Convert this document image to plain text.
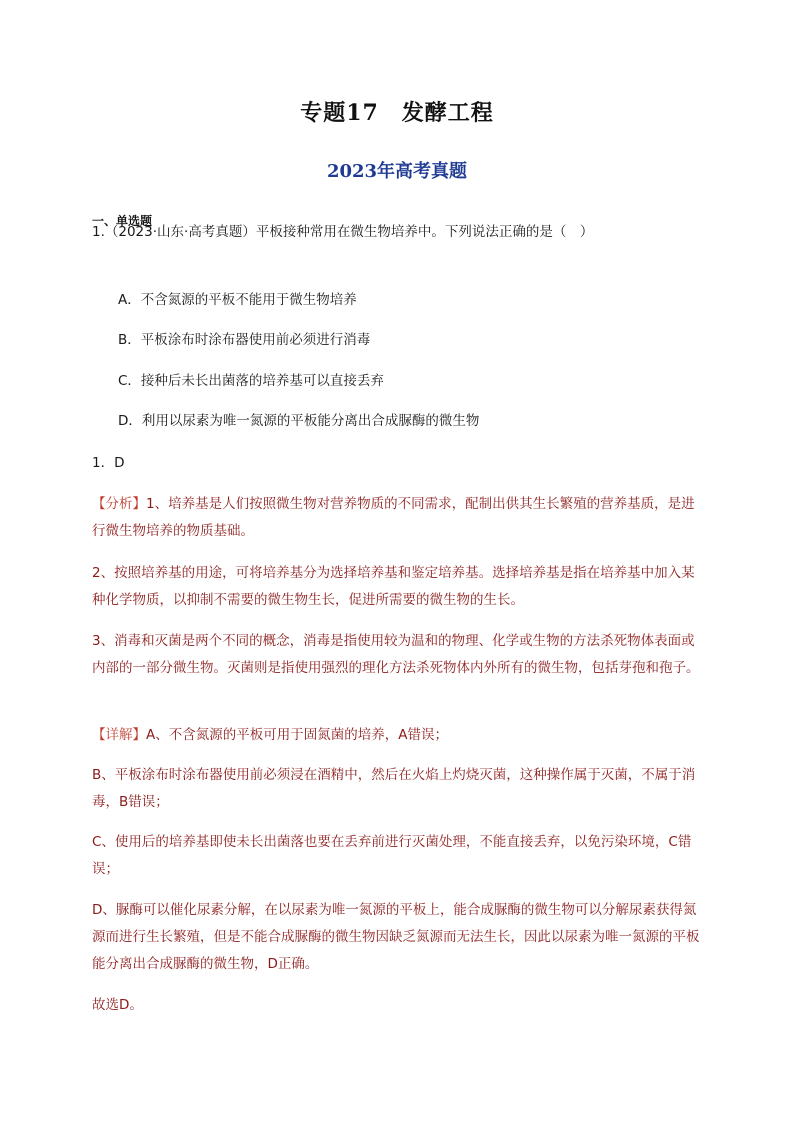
专题17　发酵工程
2023年高考真题
一、单选题
1.（2023·山东·高考真题）平板接种常用在微生物培养中。下列说法正确的是（　）
A．不含氮源的平板不能用于微生物培养
B．平板涂布时涂布器使用前必须进行消毒
C．接种后未长出菌落的培养基可以直接丢弃
D．利用以尿素为唯一氮源的平板能分离出合成脲酶的微生物
1．D
【分析】1、培养基是人们按照微生物对营养物质的不同需求，配制出供其生长繁殖的营养基质，是进行微生物培养的物质基础。
2、按照培养基的用途，可将培养基分为选择培养基和鉴定培养基。选择培养基是指在培养基中加入某种化学物质，以抑制不需要的微生物生长，促进所需要的微生物的生长。
3、消毒和灭菌是两个不同的概念，消毒是指使用较为温和的物理、化学或生物的方法杀死物体表面或内部的一部分微生物。灭菌则是指使用强烈的理化方法杀死物体内外所有的微生物，包括芽孢和孢子。
【详解】A、不含氮源的平板可用于固氮菌的培养，A错误；
B、平板涂布时涂布器使用前必须浸在酒精中，然后在火焰上灼烧灭菌，这种操作属于灭菌，不属于消毒，B错误；
C、使用后的培养基即使未长出菌落也要在丢弃前进行灭菌处理，不能直接丢弃，以免污染环境，C错误；
D、脲酶可以催化尿素分解，在以尿素为唯一氮源的平板上，能合成脲酶的微生物可以分解尿素获得氮源而进行生长繁殖，但是不能合成脲酶的微生物因缺乏氮源而无法生长，因此以尿素为唯一氮源的平板能分离出合成脲酶的微生物，D正确。
故选D。
